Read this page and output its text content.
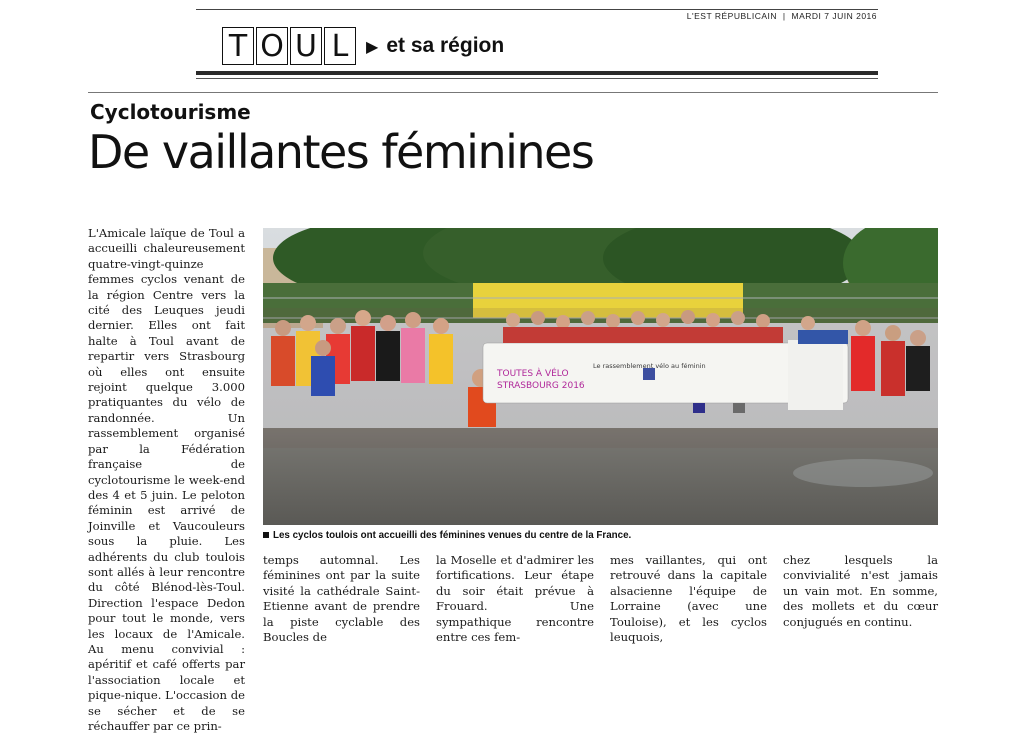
L'EST RÉPUBLICAIN | MARDI 7 JUIN 2016
T O U L	▶ et sa région
Cyclotourisme
De vaillantes féminines
L'Amicale laïque de Toul a accueilli chaleureusement quatre-vingt-quinze femmes cyclos venant de la région Centre vers la cité des Leuques jeudi dernier. Elles ont fait halte à Toul avant de repartir vers Strasbourg où elles ont ensuite rejoint quelque 3.000 pratiquantes du vélo de randonnée. Un rassemblement organisé par la Fédération française de cyclotourisme le week-end des 4 et 5 juin. Le peloton féminin est arrivé de Joinville et Vaucouleurs sous la pluie. Les adhérents du club toulois sont allés à leur rencontre du côté Blénod-lès-Toul. Direction l'espace Dedon pour tout le monde, vers les locaux de l'Amicale. Au menu convivial : apéritif et café offerts par l'association locale et pique-nique. L'occasion de se sécher et de se réchauffer par ce prin-
TOUTES À VÉLO
STRASBOURG 2016
Le rassemblement vélo au féminin
Les cyclos toulois ont accueilli des féminines venues du centre de la France.
temps automnal. Les féminines ont par la suite visité la cathédrale Saint-Etienne avant de prendre la piste cyclable des Boucles de
la Moselle et d'admirer les fortifications. Leur étape du soir était prévue à Frouard. Une sympathique rencontre entre ces fem-
mes vaillantes, qui ont retrouvé dans la capitale alsacienne l'équipe de Lorraine (avec une Touloise), et les cyclos leuquois,
chez lesquels la convivialité n'est jamais un vain mot. En somme, des mollets et du cœur conjugués en continu.
